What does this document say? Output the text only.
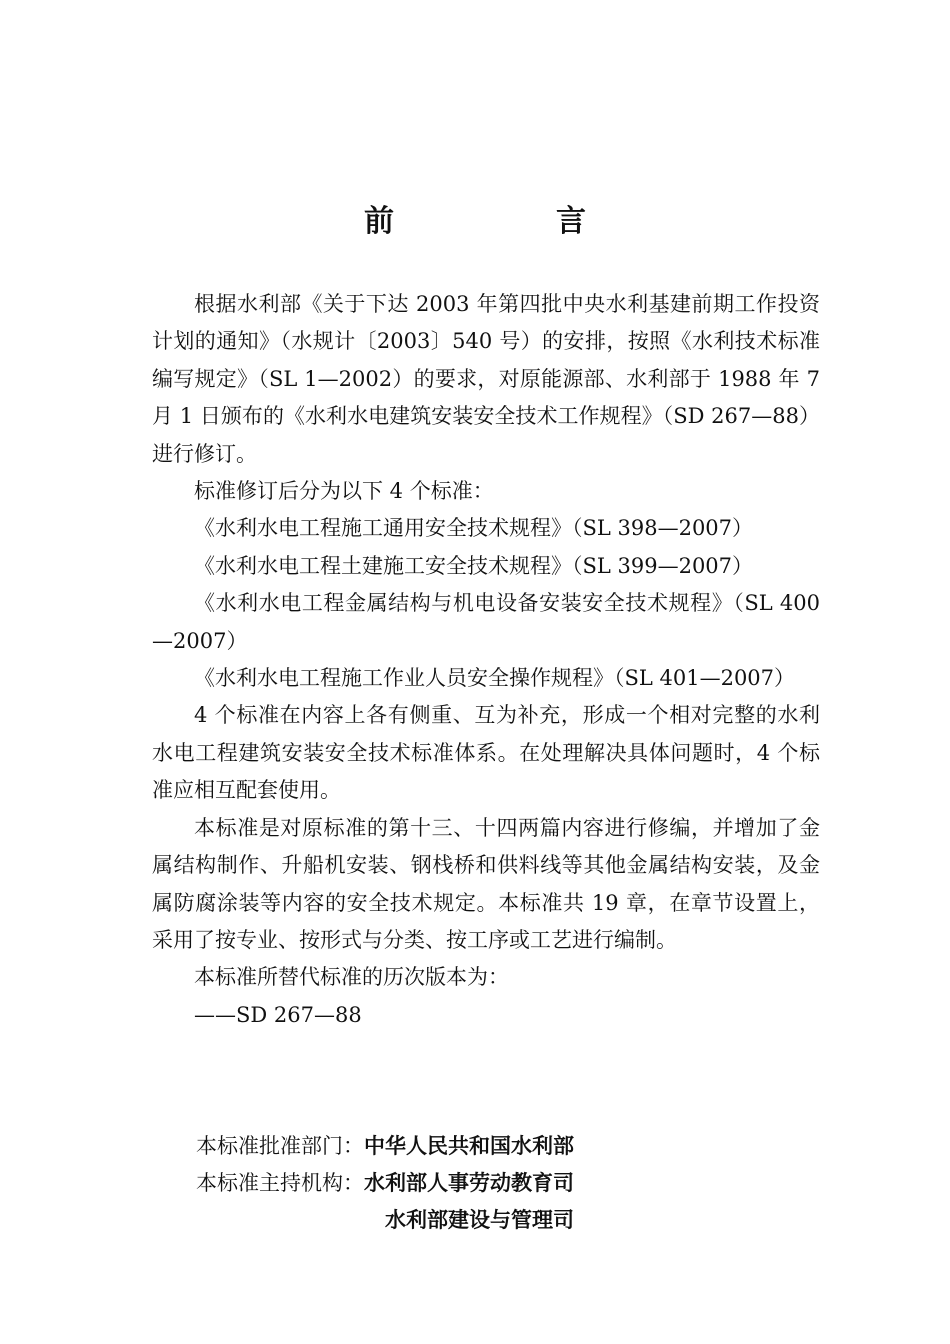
前　言

根据水利部《关于下达 2003 年第四批中央水利基建前期工作投资计划的通知》（水规计〔2003〕540 号）的安排，按照《水利技术标准编写规定》（SL 1—2002）的要求，对原能源部、水利部于 1988 年 7 月 1 日颁布的《水利水电建筑安装安全技术工作规程》（SD 267—88）进行修订。

标准修订后分为以下 4 个标准：

《水利水电工程施工通用安全技术规程》（SL 398—2007）

《水利水电工程土建施工安全技术规程》（SL 399—2007）

《水利水电工程金属结构与机电设备安装安全技术规程》（SL 400—2007）

《水利水电工程施工作业人员安全操作规程》（SL 401—2007）

4 个标准在内容上各有侧重、互为补充，形成一个相对完整的水利水电工程建筑安装安全技术标准体系。在处理解决具体问题时，4 个标准应相互配套使用。

本标准是对原标准的第十三、十四两篇内容进行修编，并增加了金属结构制作、升船机安装、钢栈桥和供料线等其他金属结构安装，及金属防腐涂装等内容的安全技术规定。本标准共 19 章，在章节设置上，采用了按专业、按形式与分类、按工序或工艺进行编制。

本标准所替代标准的历次版本为：

——SD 267—88

本标准批准部门：中华人民共和国水利部
本标准主持机构：水利部人事劳动教育司
水利部建设与管理司
